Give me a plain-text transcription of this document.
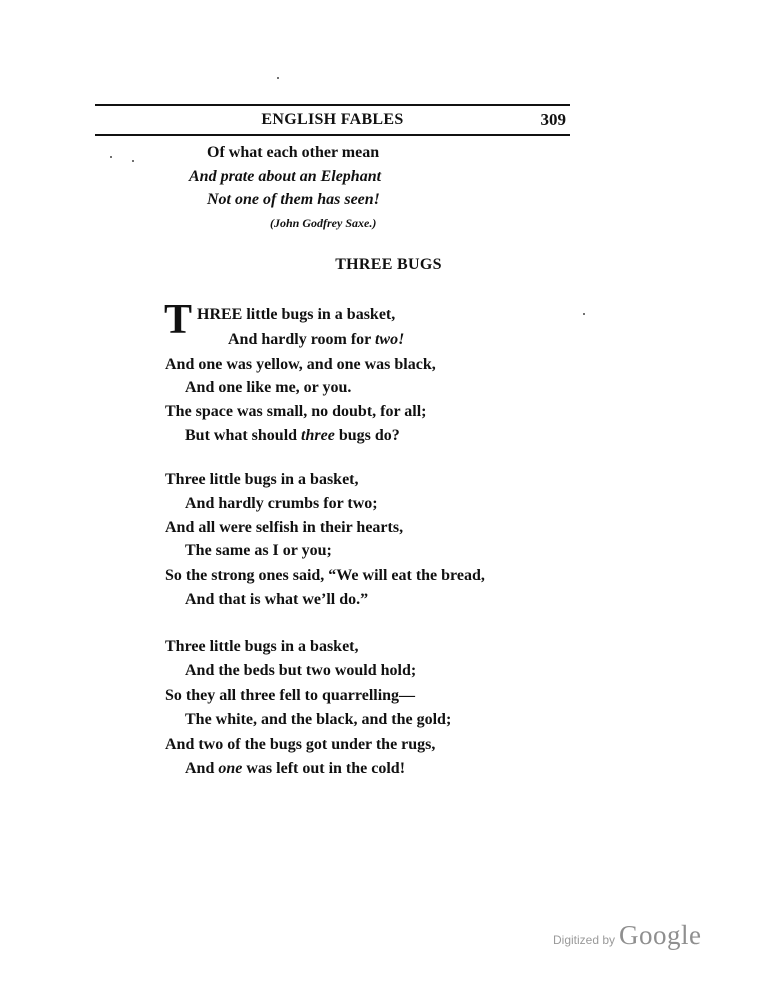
ENGLISH FABLES	309
Of what each other mean
And prate about an Elephant
Not one of them has seen!
(John Godfrey Saxe.)
THREE BUGS
T HREE little bugs in a basket,
And hardly room for two!
And one was yellow, and one was black,
And one like me, or you.
The space was small, no doubt, for all;
But what should three bugs do?
Three little bugs in a basket,
And hardly crumbs for two;
And all were selfish in their hearts,
The same as I or you;
So the strong ones said, “We will eat the bread,
And that is what we’ll do.”
Three little bugs in a basket,
And the beds but two would hold;
So they all three fell to quarrelling—
The white, and the black, and the gold;
And two of the bugs got under the rugs,
And one was left out in the cold!
Digitized by Google
